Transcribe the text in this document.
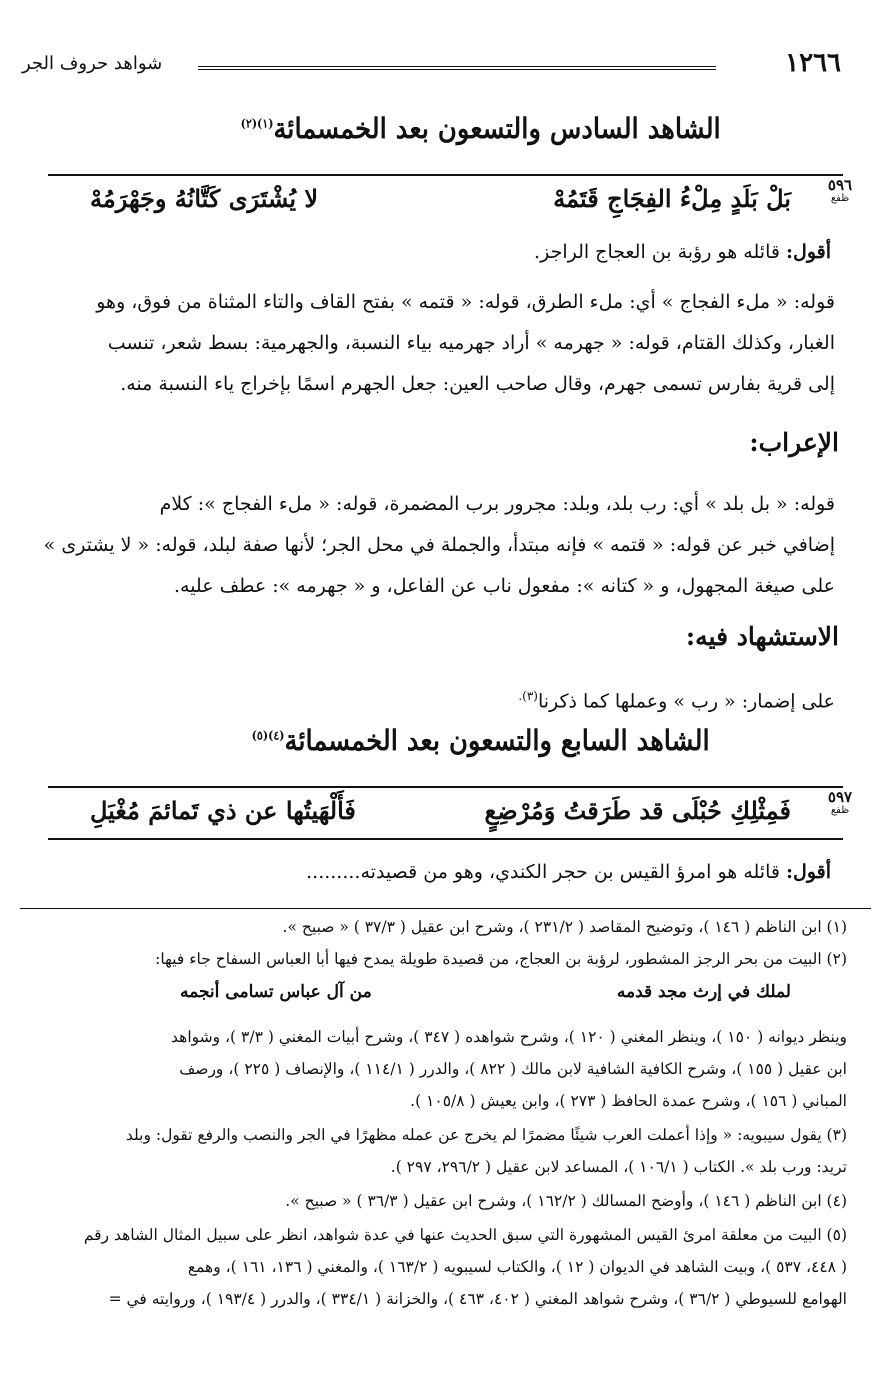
١٢٦٦
شواهد حروف الجر
الشاهد السادس والتسعون بعد الخمسمائة$^{(١)(٢)}$
٥٩٦
ظفع
بَلْ بَلَدٍ مِلْءُ الفِجَاجِ قَتَمُهْ
لا يُشْتَرَى كَتَّانُهُ وجَهْرَمُهْ
أقول: قائله هو رؤبة بن العجاج الراجز.
قوله: « ملء الفجاج » أي: ملء الطرق، قوله: « قتمه » بفتح القاف والتاء المثناة من فوق، وهو
الغبار، وكذلك القتام، قوله: « جهرمه » أراد جهرميه بياء النسبة، والجهرمية: بسط شعر، تنسب
إلى قرية بفارس تسمى جهرم، وقال صاحب العين: جعل الجهرم اسمًا بإخراج ياء النسبة منه.
الإعراب:
قوله: « بل بلد » أي: رب بلد، وبلد: مجرور برب المضمرة، قوله: « ملء الفجاج »: كلام
إضافي خبر عن قوله: « قتمه » فإنه مبتدأ، والجملة في محل الجر؛ لأنها صفة لبلد، قوله: « لا يشترى »
على صيغة المجهول، و « كتانه »: مفعول ناب عن الفاعل، و « جهرمه »: عطف عليه.
الاستشهاد فيه:
على إضمار: « رب » وعملها كما ذكرنا$^{(٣).}$
الشاهد السابع والتسعون بعد الخمسمائة$^{(٤)(٥)}$
٥٩٧
ظفع
فَمِثْلِكِ حُبْلَى قد طَرَقتُ وَمُرْضِعٍ
فَأَلْهَيتُها عن ذي تَمائمَ مُغْيَلِ
أقول: قائله هو امرؤ القيس بن حجر الكندي، وهو من قصيدته.........
(١) ابن الناظم ( ١٤٦ )، وتوضيح المقاصد ( ٢٣١/٢ )، وشرح ابن عقيل ( ٣٧/٣ ) « صبيح ».
(٢) البيت من بحر الرجز المشطور، لرؤبة بن العجاج، من قصيدة طويلة يمدح فيها أبا العباس السفاح جاء فيها:
لملك في إرث مجد قدمه
من آل عباس تسامى أنجمه
وينظر ديوانه ( ١٥٠ )، وينظر المغني ( ١٢٠ )، وشرح شواهده ( ٣٤٧ )، وشرح أبيات المغني ( ٣/٣ )، وشواهد
ابن عقيل ( ١٥٥ )، وشرح الكافية الشافية لابن مالك ( ٨٢٢ )، والدرر ( ١١٤/١ )، والإنصاف ( ٢٢٥ )، ورصف
المباني ( ١٥٦ )، وشرح عمدة الحافظ ( ٢٧٣ )، وابن يعيش ( ١٠٥/٨ ).
(٣) يقول سيبويه: « وإذا أعملت العرب شيئًا مضمرًا لم يخرج عن عمله مظهرًا في الجر والنصب والرفع تقول: وبلد
تريد: ورب بلد ». الكتاب ( ١٠٦/١ )، المساعد لابن عقيل ( ٢٩٦/٢، ٢٩٧ ).
(٤) ابن الناظم ( ١٤٦ )، وأوضح المسالك ( ١٦٢/٢ )، وشرح ابن عقيل ( ٣٦/٣ ) « صبيح ».
(٥) البيت من معلقة امرئ القيس المشهورة التي سبق الحديث عنها في عدة شواهد، انظر على سبيل المثال الشاهد رقم
( ٤٤٨، ٥٣٧ )، وبيت الشاهد في الديوان ( ١٢ )، والكتاب لسيبويه ( ١٦٣/٢ )، والمغني ( ١٣٦، ١٦١ )، وهمع
الهوامع للسيوطي ( ٣٦/٢ )، وشرح شواهد المغني ( ٤٠٢، ٤٦٣ )، والخزانة ( ٣٣٤/١ )، والدرر ( ١٩٣/٤ )، وروايته في =
